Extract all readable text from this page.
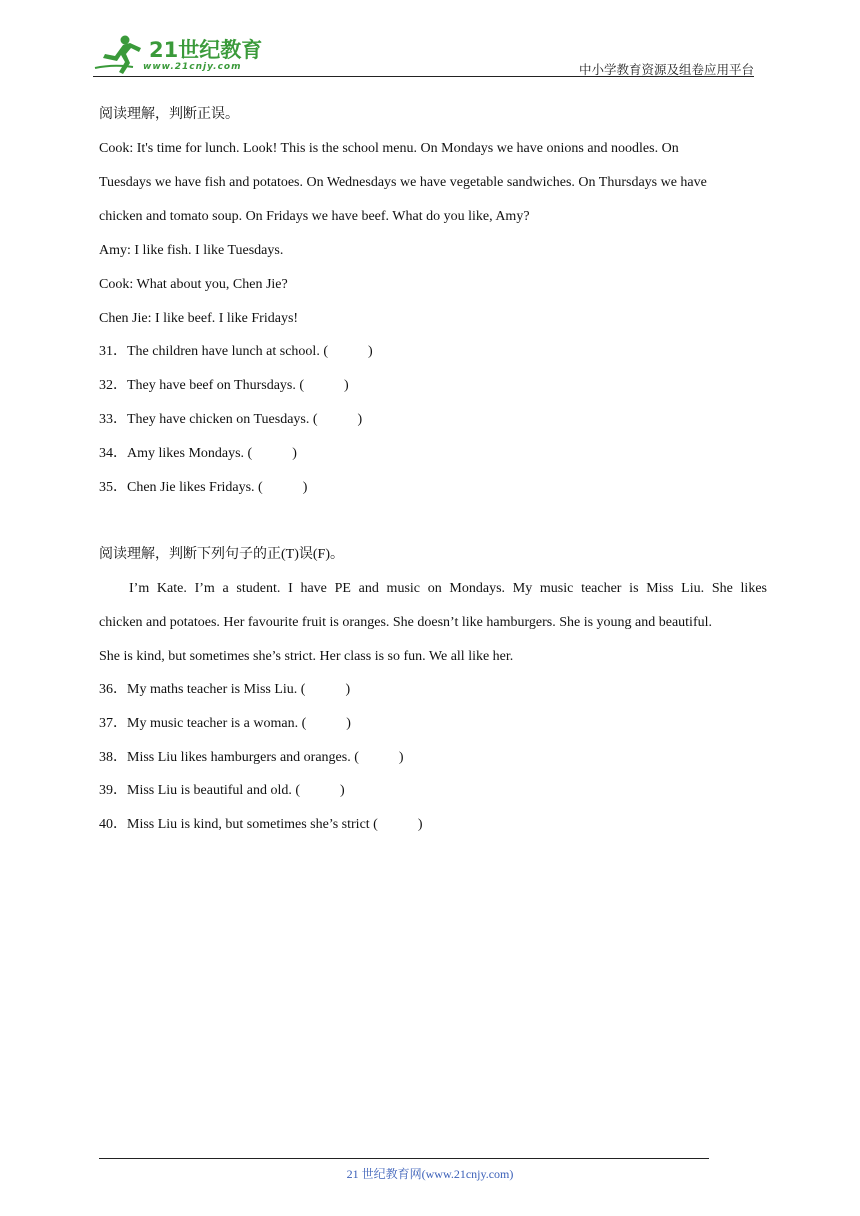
21世纪教育
www.21cnjy.com	中小学教育资源及组卷应用平台
阅读理解，判断正误。
Cook: It's time for lunch. Look! This is the school menu. On Mondays we have onions and noodles. On
Tuesdays we have fish and potatoes. On Wednesdays we have vegetable sandwiches. On Thursdays we have
chicken and tomato soup. On Fridays we have beef. What do you like, Amy?
Amy: I like fish. I like Tuesdays.
Cook: What about you, Chen Jie?
Chen Jie: I like beef. I like Fridays!
31．The children have lunch at school. (	)
32．They have beef on Thursdays. (	)
33．They have chicken on Tuesdays. (	)
34．Amy likes Mondays. (	)
35．Chen Jie likes Fridays. (	)
阅读理解，判断下列句子的正(T)误(F)。
I’m Kate. I’m a student. I have PE and music on Mondays. My music teacher is Miss Liu. She likes
chicken and potatoes. Her favourite fruit is oranges. She doesn’t like hamburgers. She is young and beautiful.
She is kind, but sometimes she’s strict. Her class is so fun. We all like her.
36．My maths teacher is Miss Liu. (	)
37．My music teacher is a woman. (	)
38．Miss Liu likes hamburgers and oranges. (	)
39．Miss Liu is beautiful and old. (	)
40．Miss Liu is kind, but sometimes she’s strict (	)
21 世纪教育网(www.21cnjy.com)
